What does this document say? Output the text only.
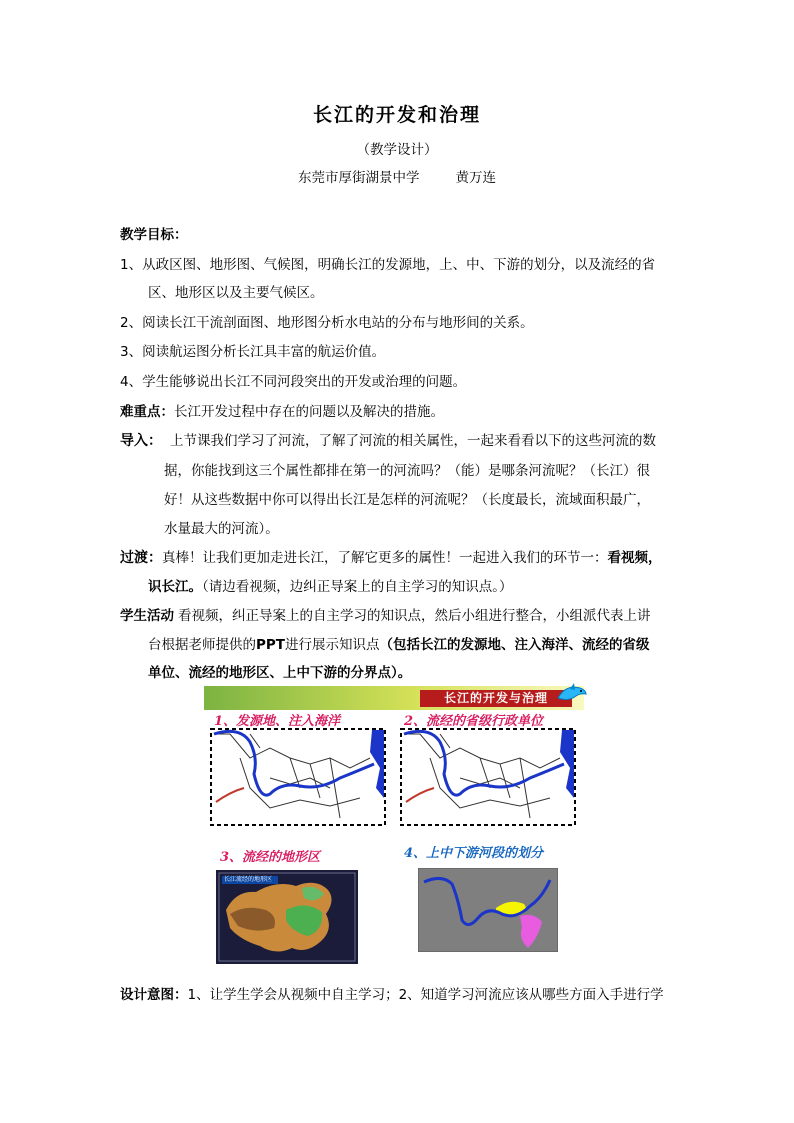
长江的开发和治理
（教学设计）
东莞市厚街湖景中学	黄万连
教学目标：
1、从政区图、地形图、气候图，明确长江的发源地，上、中、下游的划分，以及流经的省
区、地形区以及主要气候区。
2、阅读长江干流剖面图、地形图分析水电站的分布与地形间的关系。
3、阅读航运图分析长江具丰富的航运价值。
4、学生能够说出长江不同河段突出的开发或治理的问题。
难重点：长江开发过程中存在的问题以及解决的措施。
导入： 上节课我们学习了河流，了解了河流的相关属性，一起来看看以下的这些河流的数
据，你能找到这三个属性都排在第一的河流吗？（能）是哪条河流呢？（长江）很
好！从这些数据中你可以得出长江是怎样的河流呢？（长度最长，流域面积最广，
水量最大的河流）。
过渡：真棒！让我们更加走进长江，了解它更多的属性！一起进入我们的环节一：看视频，
识长江。（请边看视频，边纠正导案上的自主学习的知识点。）
学生活动 看视频，纠正导案上的自主学习的知识点，然后小组进行整合，小组派代表上讲
台根据老师提供的PPT进行展示知识点（包括长江的发源地、注入海洋、流经的省级
单位、流经的地形区、上中下游的分界点）。
长江的开发与治理
1、发源地、注入海洋	2、流经的省级行政单位
3、流经的地形区	4、上中下游河段的划分
长江流经的地形区
设计意图：1、让学生学会从视频中自主学习；2、知道学习河流应该从哪些方面入手进行学
